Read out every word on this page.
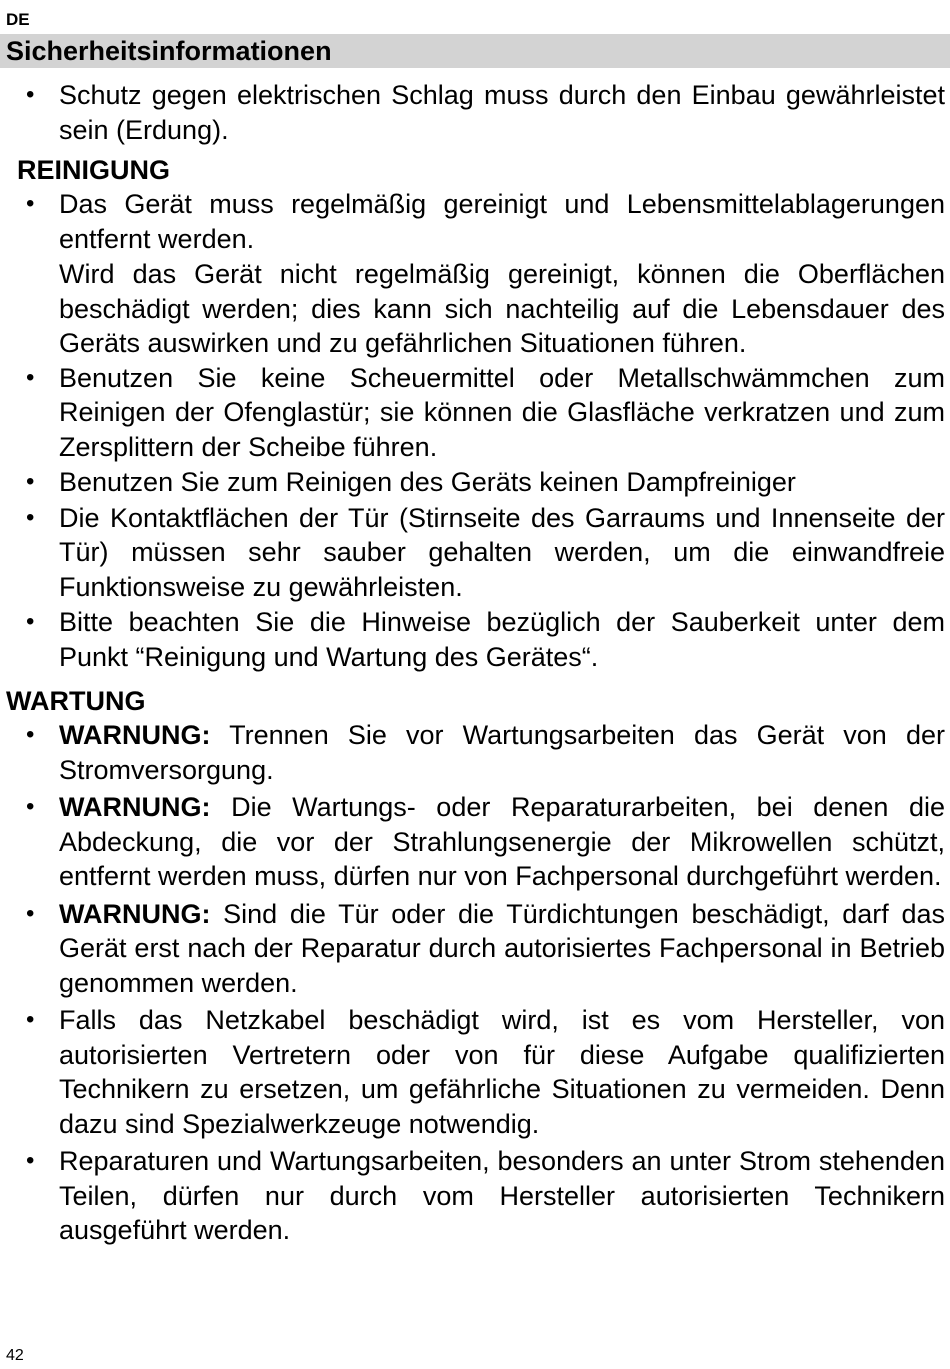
DE
Sicherheitsinformationen
• Schutz gegen elektrischen Schlag muss durch den Einbau gewährleistet sein (Erdung).
REINIGUNG
• Das Gerät muss regelmäßig gereinigt und Lebensmittelablagerungen entfernt werden.
Wird das Gerät nicht regelmäßig gereinigt, können die Oberflächen beschädigt werden; dies kann sich nachteilig auf die Lebensdauer des Geräts auswirken und zu gefährlichen Situationen führen.
• Benutzen Sie keine Scheuermittel oder Metallschwämmchen zum Reinigen der Ofenglastür; sie können die Glasfläche verkratzen und zum Zersplittern der Scheibe führen.
• Benutzen Sie zum Reinigen des Geräts keinen Dampfreiniger
• Die Kontaktflächen der Tür (Stirnseite des Garraums und Innenseite der Tür) müssen sehr sauber gehalten werden, um die einwandfreie Funktionsweise zu gewährleisten.
• Bitte beachten Sie die Hinweise bezüglich der Sauberkeit unter dem Punkt “Reinigung und Wartung des Gerätes“.
WARTUNG
• WARNUNG: Trennen Sie vor Wartungsarbeiten das Gerät von der Stromversorgung.
• WARNUNG: Die Wartungs- oder Reparaturarbeiten, bei denen die Abdeckung, die vor der Strahlungsenergie der Mikrowellen schützt, entfernt werden muss, dürfen nur von Fachpersonal durchgeführt werden.
• WARNUNG: Sind die Tür oder die Türdichtungen beschädigt, darf das Gerät erst nach der Reparatur durch autorisiertes Fachpersonal in Betrieb genommen werden.
• Falls das Netzkabel beschädigt wird, ist es vom Hersteller, von autorisierten Vertretern oder von für diese Aufgabe qualifizierten Technikern zu ersetzen, um gefährliche Situationen zu vermeiden. Denn dazu sind Spezialwerkzeuge notwendig.
• Reparaturen und Wartungsarbeiten, besonders an unter Strom stehenden Teilen, dürfen nur durch vom Hersteller autorisierten Technikern ausgeführt werden.
42
